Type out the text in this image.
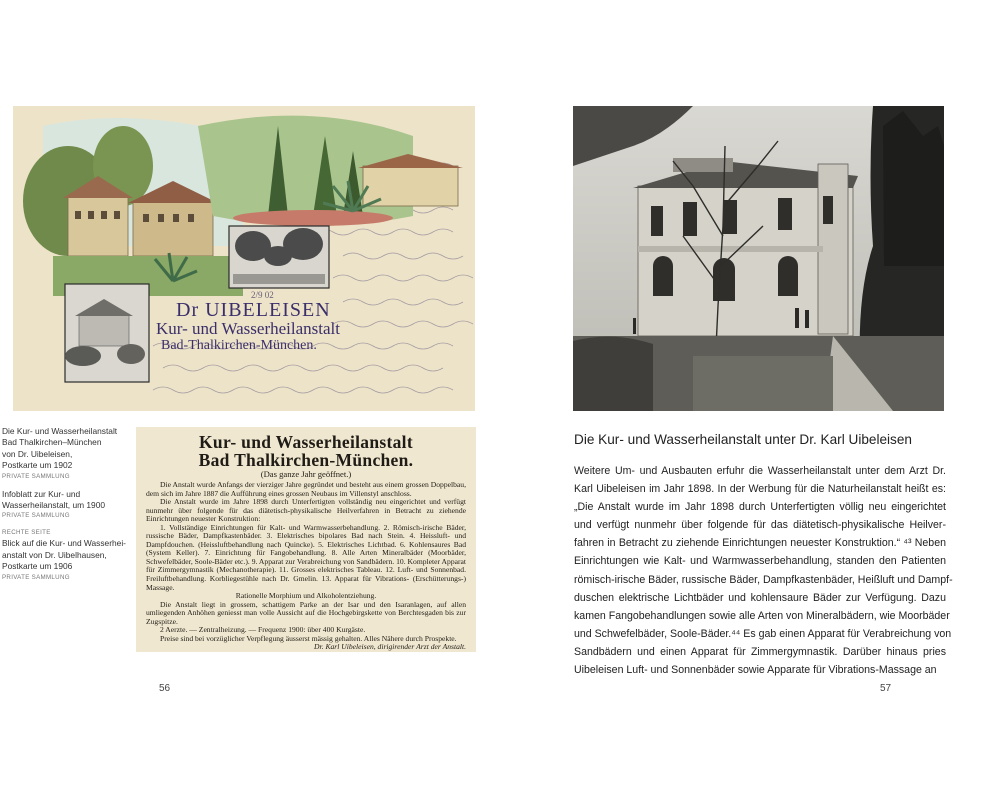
Dr UIBELEISEN
Kur- und Wasserheilanstalt
Bad-Thalkirchen-München.
2/9 02
Die Kur- und Wasserheilanstalt
Bad Thalkirchen–München
von Dr. Uibeleisen,
Postkarte um 1902
PRIVATE SAMMLUNG
Infoblatt zur Kur- und
Wasserheilanstalt, um 1900
PRIVATE SAMMLUNG
RECHTE SEITE
Blick auf die Kur- und Wasserhei-
anstalt von Dr. Uibelhausen,
Postkarte um 1906
PRIVATE SAMMLUNG
Kur- und Wasserheilanstalt
Bad Thalkirchen-München.
(Das ganze Jahr geöffnet.)

Die Anstalt wurde Anfangs der vierziger Jahre gegründet und besteht aus einem grossen Doppelbau, dem sich im Jahre 1887 die Aufführung eines grossen Neubaus im Villenstyl anschloss.

Die Anstalt wurde im Jahre 1898 durch Unterfertigten vollständig neu eingerichtet und verfügt nunmehr über folgende für das diätetisch-physikalische Heilverfahren in Betracht zu ziehende Einrichtungen neuester Konstruktion:

1. Vollständige Einrichtungen für Kalt- und Warmwasserbehandlung. 2. Römisch-irische Bäder, russische Bäder, Dampfkastenbäder. 3. Elektrisches bipolares Bad nach Stein. 4. Heissluft- und Dampfdouchen. (Heissluftbehandlung nach Quincke). 5. Elektrisches Lichtbad. 6. Kohlensaures Bad (System Keller). 7. Einrichtung für Fangobehandlung. 8. Alle Arten Mineralbäder (Moorbäder, Schwefelbäder, Soole-Bäder etc.). 9. Apparat zur Verabreichung von Sandbädern. 10. Kompleter Apparat für Zimmergymnastik (Mechanotherapie). 11. Grosses elektrisches Tableau. 12. Luft- und Sonnenbad. Freiluftbehandlung. Korbliegestühle nach Dr. Gmelin. 13. Apparat für Vibrations- (Erschütterungs-) Massage.

Rationelle Morphium und Alkoholentziehung.

Die Anstalt liegt in grossem, schattigem Parke an der Isar und den Isaranlagen, auf allen umliegenden Anhöhen geniesst man volle Aussicht auf die Hochgebirgskette von Berchtesgaden bis zur Zugspitze.

2 Aerzte. — Zentralheizung. — Frequenz 1900: über 400 Kurgäste.

Preise sind bei vorzüglicher Verpflegung äusserst mässig gehalten. Alles Nähere durch Prospekte.

Dr. Karl Uibeleisen, dirigirender Arzt der Anstalt.

Die Kur- und Wasserheilanstalt unter Dr. Karl Uibeleisen
Weitere Um- und Ausbauten erfuhr die Wasserheilanstalt unter dem Arzt Dr.
Karl Uibeleisen im Jahr 1898. In der Werbung für die Naturheilanstalt heißt es:
„Die Anstalt wurde im Jahr 1898 durch Unterfertigten völlig neu eingerichtet
und verfügt nunmehr über folgende für das diätetisch-physikalische Heilver-
fahren in Betracht zu ziehende Einrichtungen neuester Konstruktion.“ ⁴³ Neben
Einrichtungen wie Kalt- und Warmwasserbehandlung, standen den Patienten
römisch-irische Bäder, russische Bäder, Dampfkastenbäder, Heißluft und Dampf-
duschen elektrische Lichtbäder und kohlensaure Bäder zur Verfügung. Dazu
kamen Fangobehandlungen sowie alle Arten von Mineralbädern, wie Moorbäder
und Schwefelbäder, Soole-Bäder.⁴⁴ Es gab einen Apparat für Verabreichung von
Sandbädern und einen Apparat für Zimmergymnastik. Darüber hinaus pries
Uibeleisen Luft- und Sonnenbäder sowie Apparate für Vibrations-Massage an
56	57
